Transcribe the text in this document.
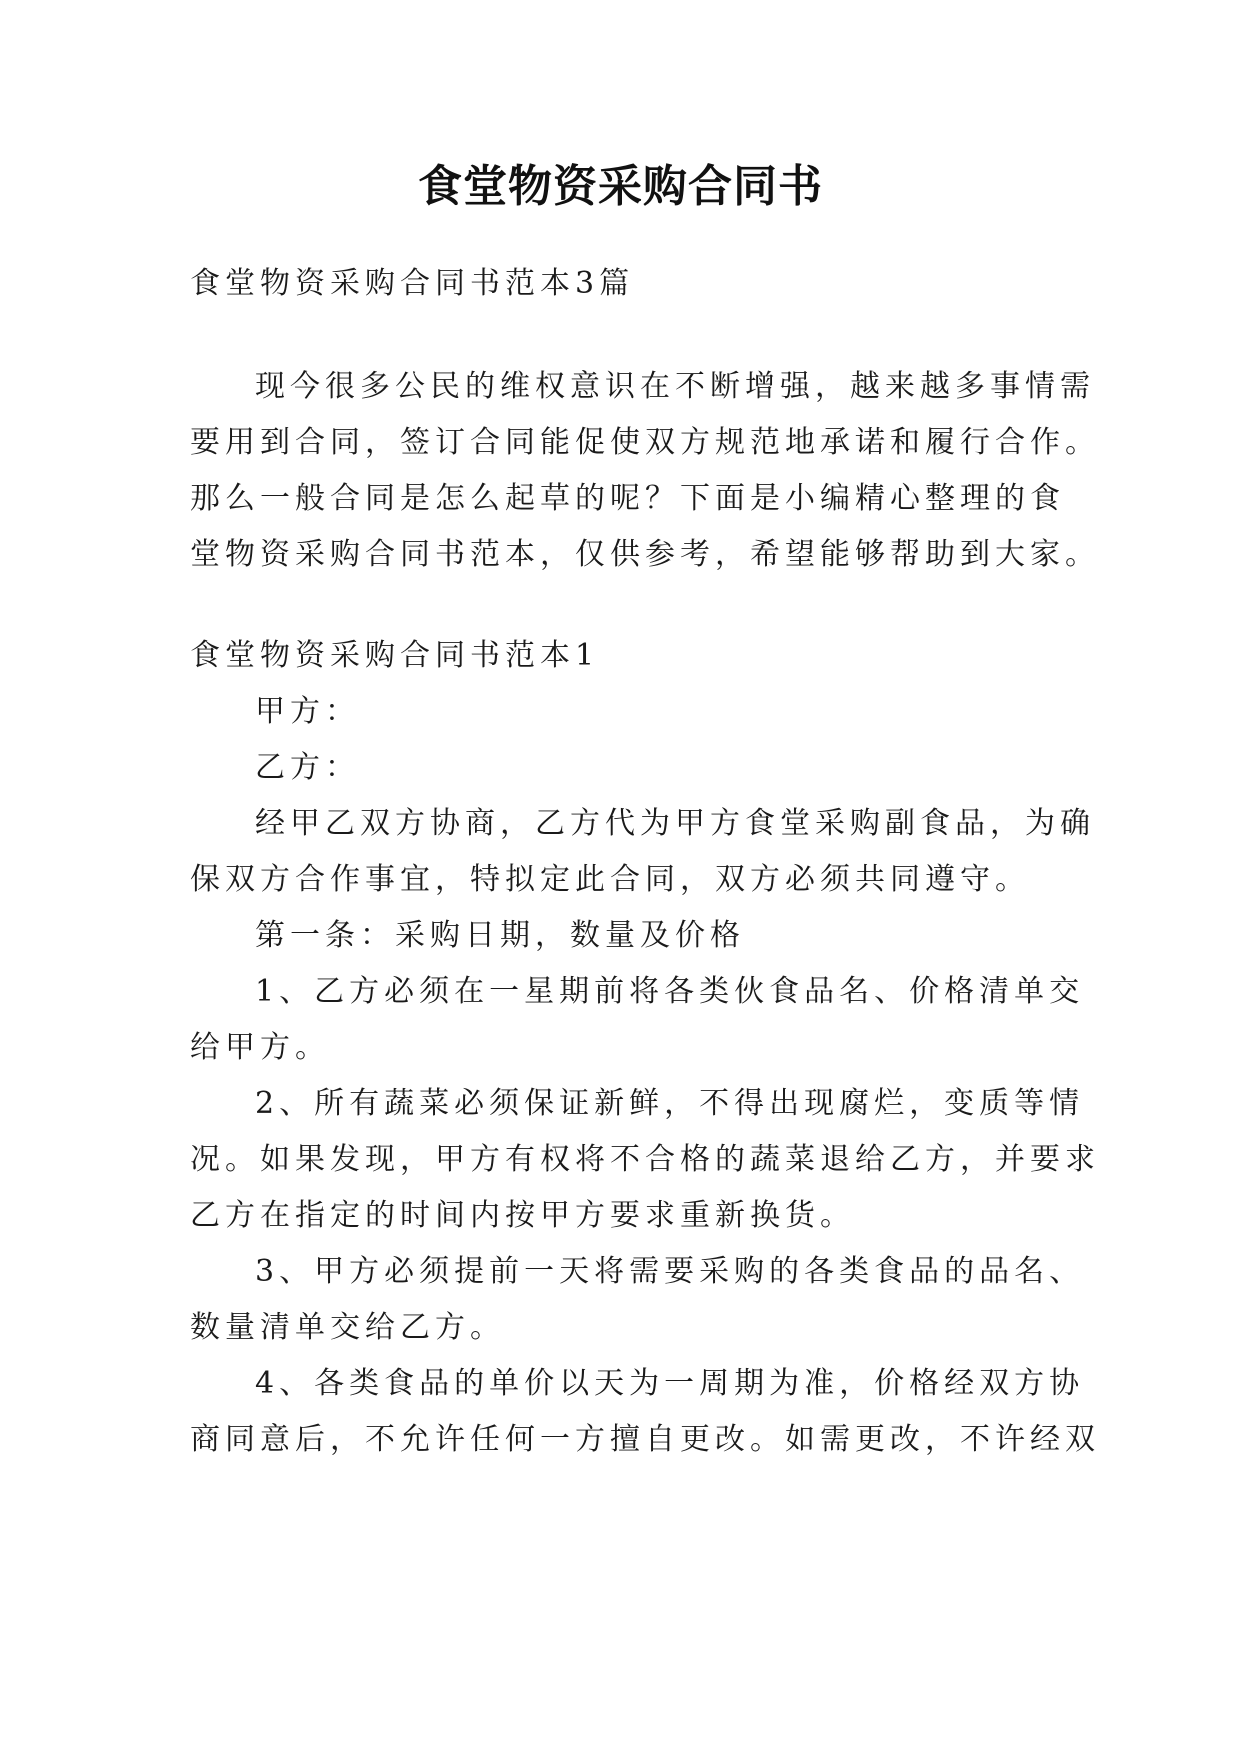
食堂物资采购合同书

食堂物资采购合同书范本3篇

现今很多公民的维权意识在不断增强，越来越多事情需

要用到合同，签订合同能促使双方规范地承诺和履行合作。

那么一般合同是怎么起草的呢？下面是小编精心整理的食

堂物资采购合同书范本，仅供参考，希望能够帮助到大家。

食堂物资采购合同书范本1

甲方：

乙方：

经甲乙双方协商，乙方代为甲方食堂采购副食品，为确

保双方合作事宜，特拟定此合同，双方必须共同遵守。

第一条：采购日期，数量及价格

1、乙方必须在一星期前将各类伙食品名、价格清单交

给甲方。

2、所有蔬菜必须保证新鲜，不得出现腐烂，变质等情

况。如果发现，甲方有权将不合格的蔬菜退给乙方，并要求

乙方在指定的时间内按甲方要求重新换货。

3、甲方必须提前一天将需要采购的各类食品的品名、

数量清单交给乙方。

4、各类食品的单价以天为一周期为准，价格经双方协

商同意后，不允许任何一方擅自更改。如需更改，不许经双
